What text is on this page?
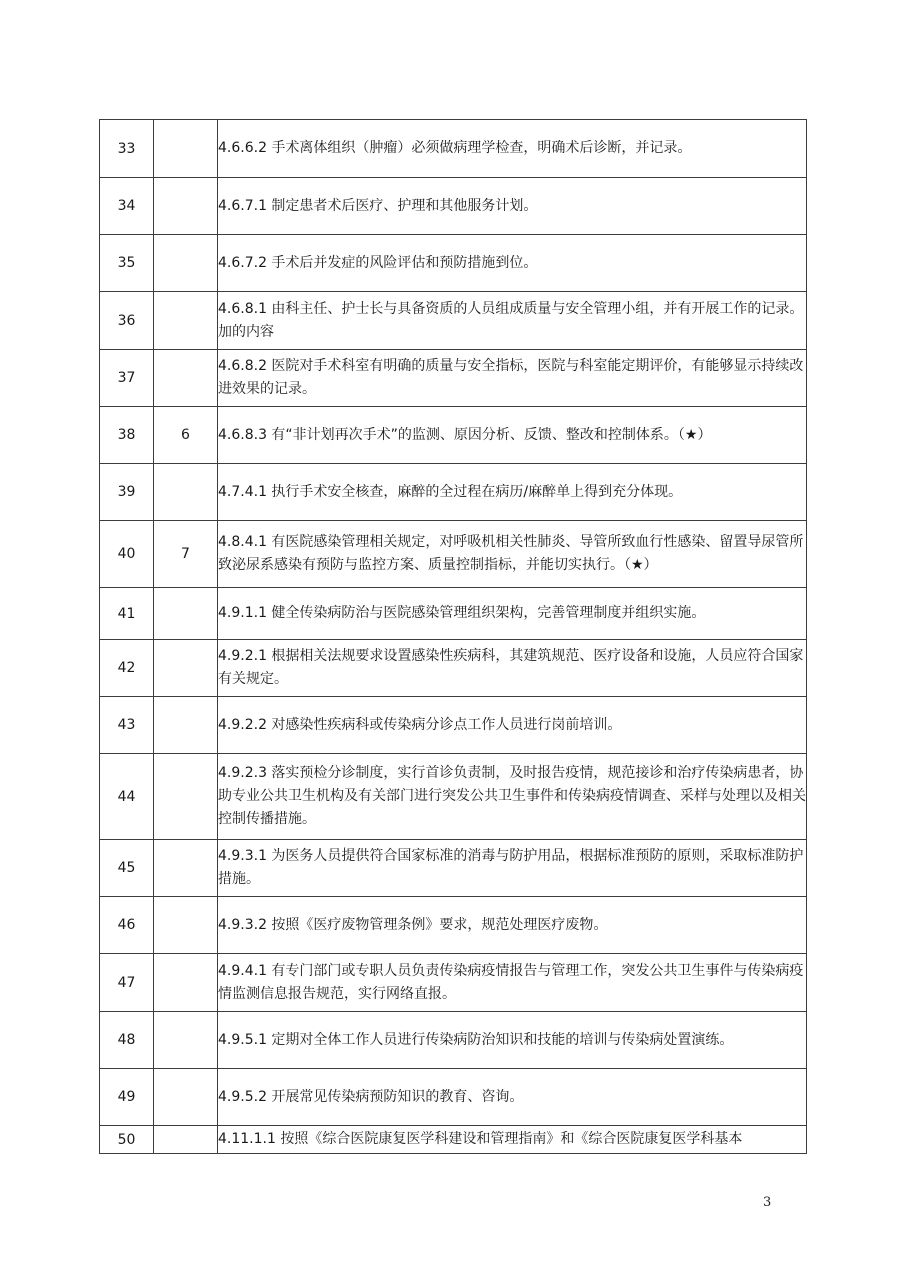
33		4.6.6.2 手术离体组织（肿瘤）必须做病理学检查，明确术后诊断，并记录。
34		4.6.7.1 制定患者术后医疗、护理和其他服务计划。
35		4.6.7.2 手术后并发症的风险评估和预防措施到位。
36		4.6.8.1 由科主任、护士长与具备资质的人员组成质量与安全管理小组，并有开展工作的记录。加的内容
37		4.6.8.2 医院对手术科室有明确的质量与安全指标，医院与科室能定期评价，有能够显示持续改进效果的记录。
38	6	4.6.8.3 有“非计划再次手术”的监测、原因分析、反馈、整改和控制体系。（★）
39		4.7.4.1 执行手术安全核查，麻醉的全过程在病历/麻醉单上得到充分体现。
40	7	4.8.4.1 有医院感染管理相关规定，对呼吸机相关性肺炎、导管所致血行性感染、留置导尿管所致泌尿系感染有预防与监控方案、质量控制指标，并能切实执行。（★）
41		4.9.1.1 健全传染病防治与医院感染管理组织架构，完善管理制度并组织实施。
42		4.9.2.1 根据相关法规要求设置感染性疾病科，其建筑规范、医疗设备和设施，人员应符合国家有关规定。
43		4.9.2.2 对感染性疾病科或传染病分诊点工作人员进行岗前培训。
44		4.9.2.3 落实预检分诊制度，实行首诊负责制，及时报告疫情，规范接诊和治疗传染病患者，协助专业公共卫生机构及有关部门进行突发公共卫生事件和传染病疫情调查、采样与处理以及相关控制传播措施。
45		4.9.3.1 为医务人员提供符合国家标准的消毒与防护用品，根据标准预防的原则，采取标准防护措施。
46		4.9.3.2 按照《医疗废物管理条例》要求，规范处理医疗废物。
47		4.9.4.1 有专门部门或专职人员负责传染病疫情报告与管理工作，突发公共卫生事件与传染病疫情监测信息报告规范，实行网络直报。
48		4.9.5.1 定期对全体工作人员进行传染病防治知识和技能的培训与传染病处置演练。
49		4.9.5.2 开展常见传染病预防知识的教育、咨询。
50		4.11.1.1 按照《综合医院康复医学科建设和管理指南》和《综合医院康复医学科基本
3
